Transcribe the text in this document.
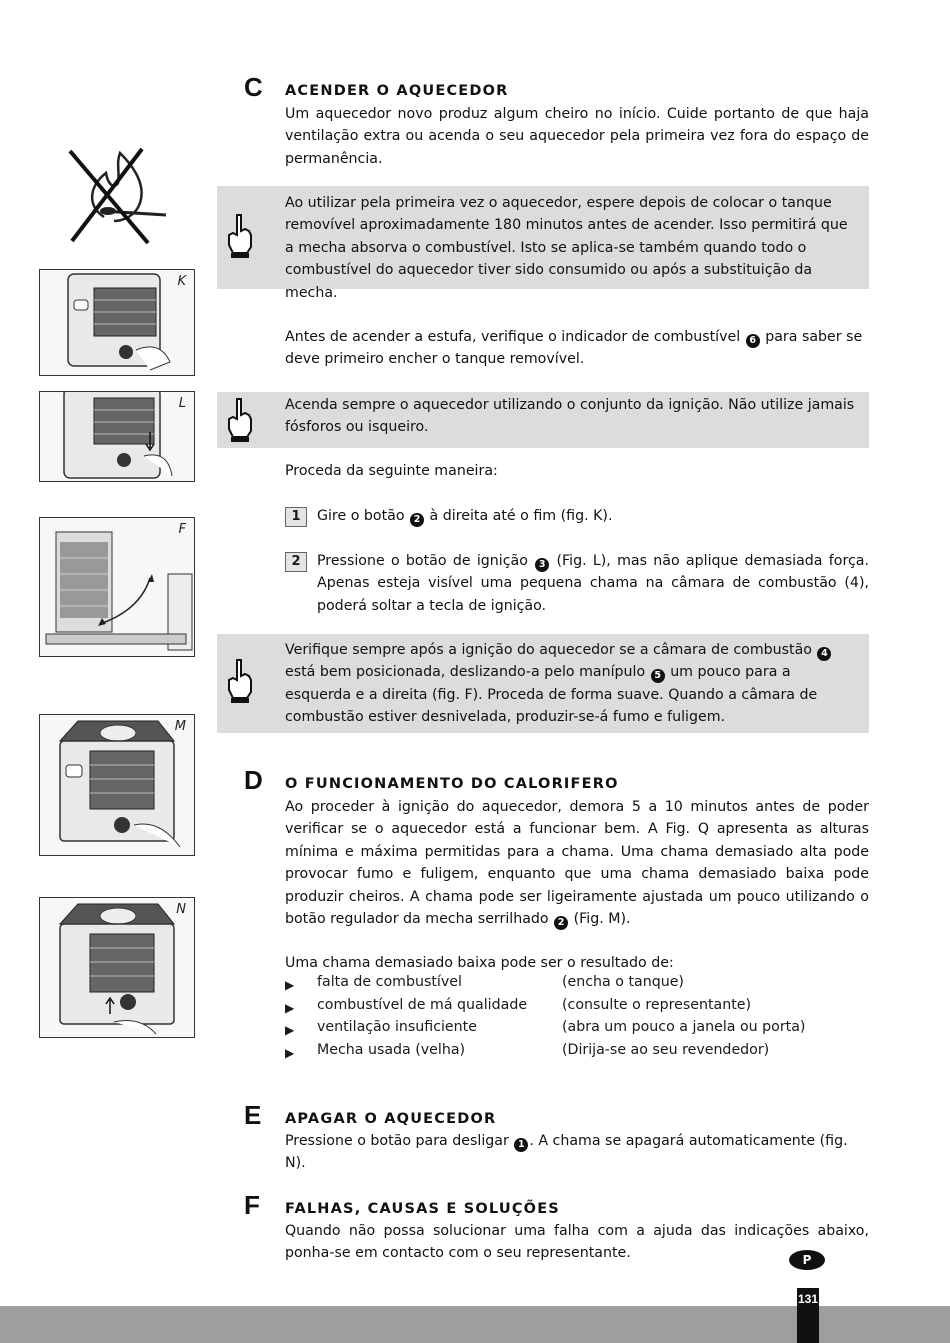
K
L
F
M
N
C ACENDER O AQUECEDOR
Um aquecedor novo produz algum cheiro no início. Cuide portanto de que haja ventilação extra ou acenda o seu aquecedor pela primeira vez fora do espaço de permanência.
Ao utilizar pela primeira vez o aquecedor, espere depois de colocar o tanque removível aproximadamente 180 minutos antes de acender. Isso permitirá que a mecha absorva o combustível. Isto se aplica-se também quando todo o combustível do aquecedor tiver sido consumido ou após a substituição da mecha.
Antes de acender a estufa, verifique o indicador de combustível 6 para saber se deve primeiro encher o tanque removível.
Acenda sempre o aquecedor utilizando o conjunto da ignição. Não utilize jamais fósforos ou isqueiro.
Proceda da seguinte maneira:
1	Gire o botão 2 à direita até o fim (fig. K).
2	Pressione o botão de ignição 3 (Fig. L), mas não aplique demasiada força. Apenas esteja visível uma pequena chama na câmara de combustão (4), poderá soltar a tecla de ignição.
Verifique sempre após a ignição do aquecedor se a câmara de combustão 4 está bem posicionada, deslizando-a pelo manípulo 5 um pouco para a esquerda e a direita (fig. F). Proceda de forma suave. Quando a câmara de combustão estiver desnivelada, produzir-se-á fumo e fuligem.
D O FUNCIONAMENTO DO CALORIFERO
Ao proceder à ignição do aquecedor, demora 5 a 10 minutos antes de poder verificar se o aquecedor está a funcionar bem. A Fig. Q apresenta as alturas mínima e máxima permitidas para a chama. Uma chama demasiado alta pode provocar fumo e fuligem, enquanto que uma chama demasiado baixa pode produzir cheiros. A chama pode ser ligeiramente ajustada um pouco utilizando o botão regulador da mecha serrilhado 2 (Fig. M).
Uma chama demasiado baixa pode ser o resultado de:
▶ falta de combustível	(encha o tanque)
▶ combustível de má qualidade (consulte o representante)
▶ ventilação insuficiente	(abra um pouco a janela ou porta)
▶ Mecha usada (velha)	(Dirija-se ao seu revendedor)
E APAGAR O AQUECEDOR
Pressione o botão para desligar 1 . A chama se apagará automaticamente (fig. N).
F FALHAS, CAUSAS E SOLUÇÕES
Quando não possa solucionar uma falha com a ajuda das indicações abaixo, ponha-se em contacto com o seu representante.	P
131
